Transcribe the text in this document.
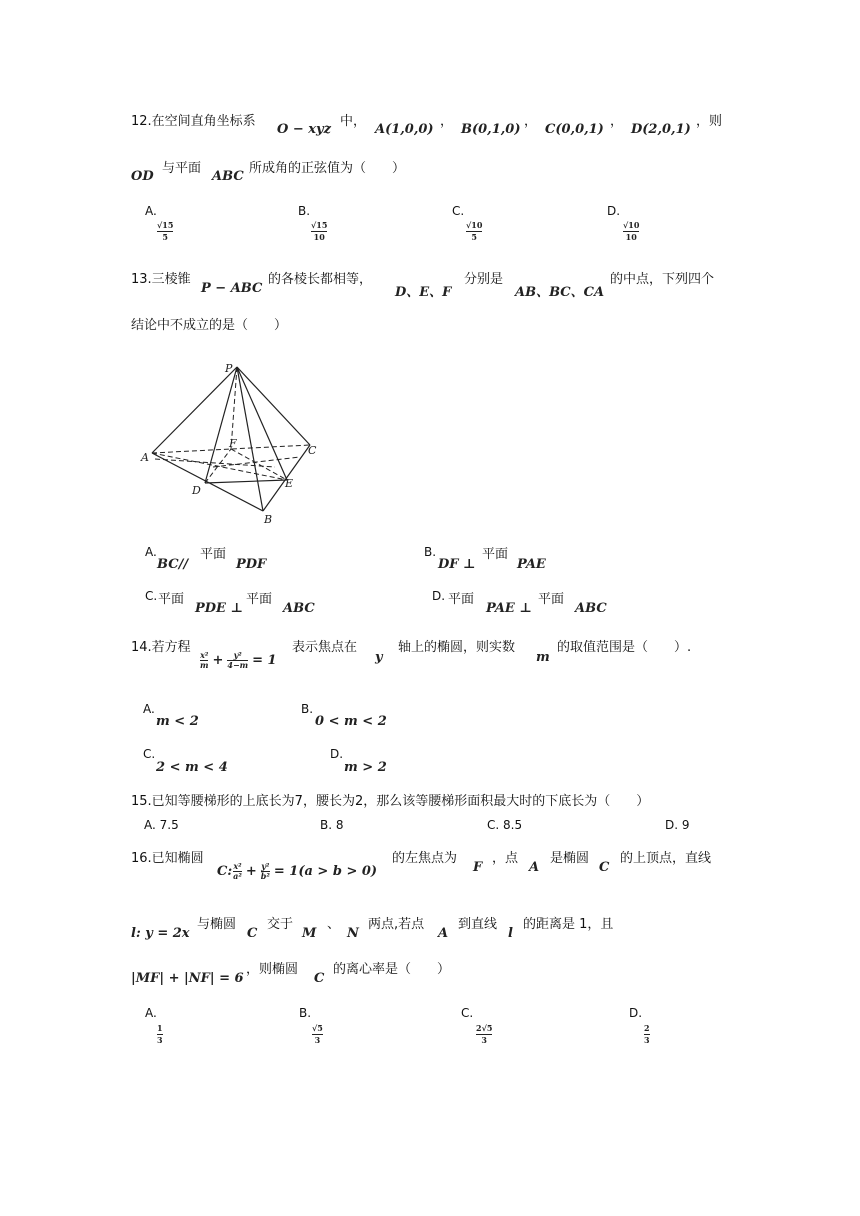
12.在空间直角坐标系
O − xyz
中，
A(1,0,0)
，
B(0,1,0)
，
C(0,0,1)
，
D(2,0,1)
，则
OD
与平面
ABC
所成角的正弦值为（　　）
A.
√15
5
B.
√15
10
C.
√10
5
D.
√10
10
13.三棱锥
P − ABC
的各棱长都相等，
D、E、F
分别是
AB、BC、CA
的中点，下列四个
结论中不成立的是（　　）
P
A
B
C
D
E
F
A.
BC//
平面
PDF
B.
DF ⊥
平面
PAE
C. 平面
PDE ⊥
平面
ABC
D. 平面
PAE ⊥
平面
ABC
14.若方程 x²
m + y²
4−m = 1
表示焦点在
y
轴上的椭圆，则实数
m
的取值范围是（　　）.
A.
m < 2
B.
0 < m < 2
C.
2 < m < 4
D.
m > 2
15.已知等腰梯形的上底长为7，腰长为2，那么该等腰梯形面积最大时的下底长为（　　）
A. 7.5	B. 8	C. 8.5	D. 9
16.已知椭圆
C: x²
a² + y²
b² = 1(a > b > 0)
的左焦点为
F
，点
A
是椭圆
C
的上顶点，直线
l: y = 2x
与椭圆
C
交于
M
、
N
两点,若点
A
到直线
l
的距离是 1，且
|MF| + |NF| = 6
，则椭圆
C
的离心率是（　　）
A.
1
3
B.
√5
3
C.
2√5
3
D.
2
3
